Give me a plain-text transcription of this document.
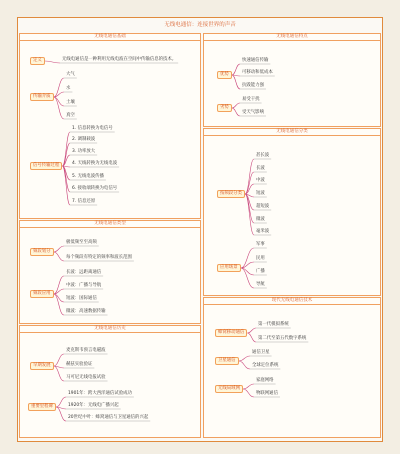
无线电通信：连接世界的声音
无线电通信基础
无线电通信类型
无线电通信历史
无线电通信特点
无线电通信分类
现代无线电通信技术
定义	无线电通信是一种利用无线电波在空间中传输信息的技术。
传输介质
大气
水
土壤
真空
信号传输过程
1. 信息转换为电信号
2. 调制载波
3. 功率放大
4. 天线转换为无线电波
5. 无线电波传播
6. 接收端转换为电信号
7. 信息还原
频段划分
极低频至至高频
每个频段有特定的频率和波长范围
频段应用
长波：远距离通信
中波：广播与导航
短波：国际通信
微波：高速数据传输
早期发展
麦克斯韦预言电磁波
赫兹实验验证
马可尼无线电报试验
重要里程碑
1901年：跨大西洋通信试验成功
1920年：无线电广播兴起
20世纪中叶：蜂窝通信与卫星通信的兴起
优势
快速通信传输
可移动和低成本
抗毁能力强
劣势
易受干扰
受天气影响
按频段分类
甚长波
长波
中波
短波
超短波
微波
毫米波
应用场景
军事
民用
广播
导航
蜂窝移动通信
第一代模拟系统
第二代至第五代数字系统
卫星通信
通信卫星
全球定位系统
无线局域网
家庭网络
物联网通信
